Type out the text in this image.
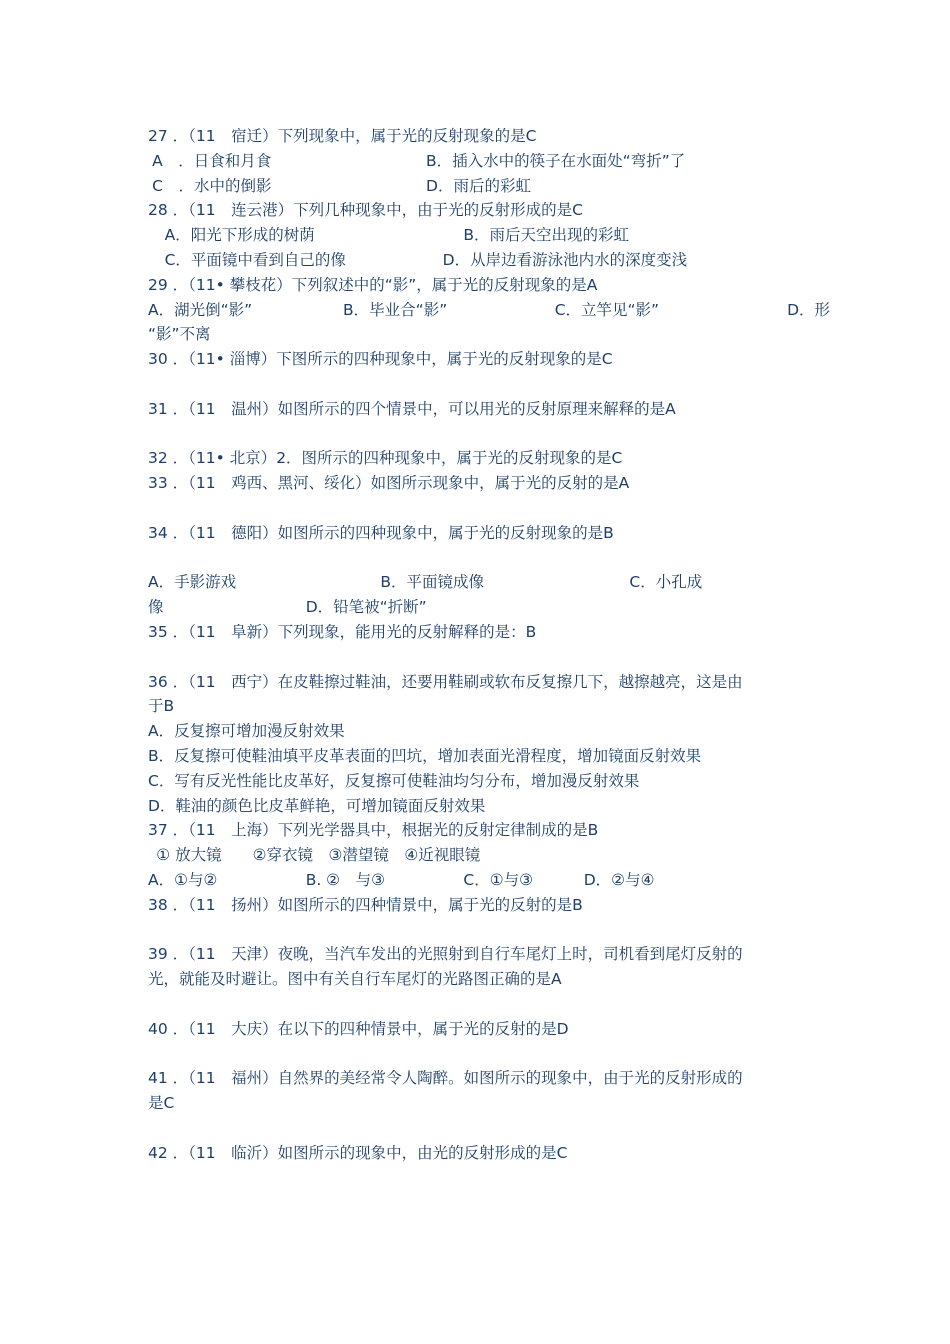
27 ．（11　宿迁）下列现象中，属于光的反射现象的是C
A　．日食和月食	B．插入水中的筷子在水面处“弯折”了
C　．水中的倒影	D．雨后的彩虹
28 ．（11　连云港）下列几种现象中，由于光的反射形成的是C
A．阳光下形成的树荫	B．雨后天空出现的彩虹
C．平面镜中看到自己的像	D．从岸边看游泳池内水的深度变浅
29 ．（11• 攀枝花）下列叙述中的“影”，属于光的反射现象的是A
A．湖光倒“影”	B．毕业合“影”	C．立竿见“影”	D．形
“影”不离
30 ．（11• 淄博）下图所示的四种现象中，属于光的反射现象的是C
31 ．（11　温州）如图所示的四个情景中，可以用光的反射原理来解释的是A
32 ．（11• 北京）2．图所示的四种现象中，属于光的反射现象的是C
33 ．（11　鸡西、黑河、绥化）如图所示现象中，属于光的反射的是A
34 ．（11　德阳）如图所示的四种现象中，属于光的反射现象的是B
A．手影游戏	B．平面镜成像	C．小孔成
像	D．铅笔被“折断”
35 ．（11　阜新）下列现象，能用光的反射解释的是：B
36 ．（11　西宁）在皮鞋擦过鞋油，还要用鞋刷或软布反复擦几下，越擦越亮，这是由
于B
A．反复擦可增加漫反射效果
B．反复擦可使鞋油填平皮革表面的凹坑，增加表面光滑程度，增加镜面反射效果
C．写有反光性能比皮革好，反复擦可使鞋油均匀分布，增加漫反射效果
D．鞋油的颜色比皮革鲜艳，可增加镜面反射效果
37 ．（11　上海）下列光学器具中，根据光的反射定律制成的是B
① 放大镜　　②穿衣镜　③潜望镜　④近视眼镜
A．①与②	B. ②　与③	C．①与③	D．②与④
38 ．（11　扬州）如图所示的四种情景中，属于光的反射的是B
39 ．（11　天津）夜晚，当汽车发出的光照射到自行车尾灯上时，司机看到尾灯反射的
光，就能及时避让。图中有关自行车尾灯的光路图正确的是A
40 ．（11　大庆）在以下的四种情景中，属于光的反射的是D
41 ．（11　福州）自然界的美经常令人陶醉。如图所示的现象中，由于光的反射形成的
是C
42 ．（11　临沂）如图所示的现象中，由光的反射形成的是C
